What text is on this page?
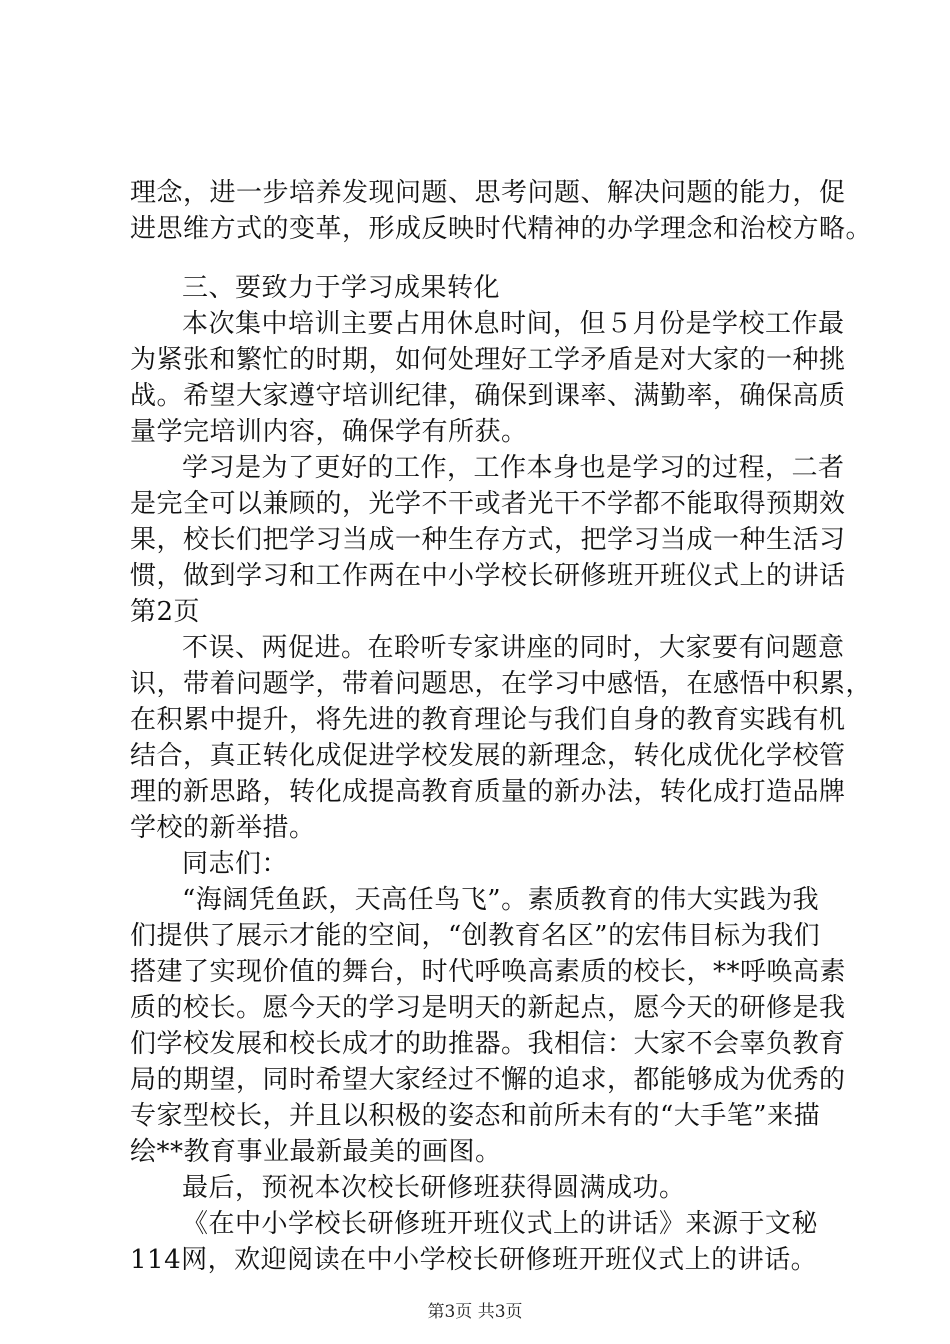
理念，进一步培养发现问题、思考问题、解决问题的能力，促
进思维方式的变革，形成反映时代精神的办学理念和治校方略。
三、要致力于学习成果转化
本次集中培训主要占用休息时间，但５月份是学校工作最
为紧张和繁忙的时期，如何处理好工学矛盾是对大家的一种挑
战。希望大家遵守培训纪律，确保到课率、满勤率，确保高质
量学完培训内容，确保学有所获。
学习是为了更好的工作，工作本身也是学习的过程，二者
是完全可以兼顾的，光学不干或者光干不学都不能取得预期效
果，校长们把学习当成一种生存方式，把学习当成一种生活习
惯，做到学习和工作两在中小学校长研修班开班仪式上的讲话
第2页
不误、两促进。在聆听专家讲座的同时，大家要有问题意
识，带着问题学，带着问题思，在学习中感悟，在感悟中积累，
在积累中提升，将先进的教育理论与我们自身的教育实践有机
结合，真正转化成促进学校发展的新理念，转化成优化学校管
理的新思路，转化成提高教育质量的新办法，转化成打造品牌
学校的新举措。
同志们：
“海阔凭鱼跃，天高任鸟飞”。素质教育的伟大实践为我
们提供了展示才能的空间，“创教育名区”的宏伟目标为我们
搭建了实现价值的舞台，时代呼唤高素质的校长，**呼唤高素
质的校长。愿今天的学习是明天的新起点，愿今天的研修是我
们学校发展和校长成才的助推器。我相信：大家不会辜负教育
局的期望，同时希望大家经过不懈的追求，都能够成为优秀的
专家型校长，并且以积极的姿态和前所未有的“大手笔”来描
绘**教育事业最新最美的画图。
最后，预祝本次校长研修班获得圆满成功。
《在中小学校长研修班开班仪式上的讲话》来源于文秘
114网，欢迎阅读在中小学校长研修班开班仪式上的讲话。
第3页 共3页
